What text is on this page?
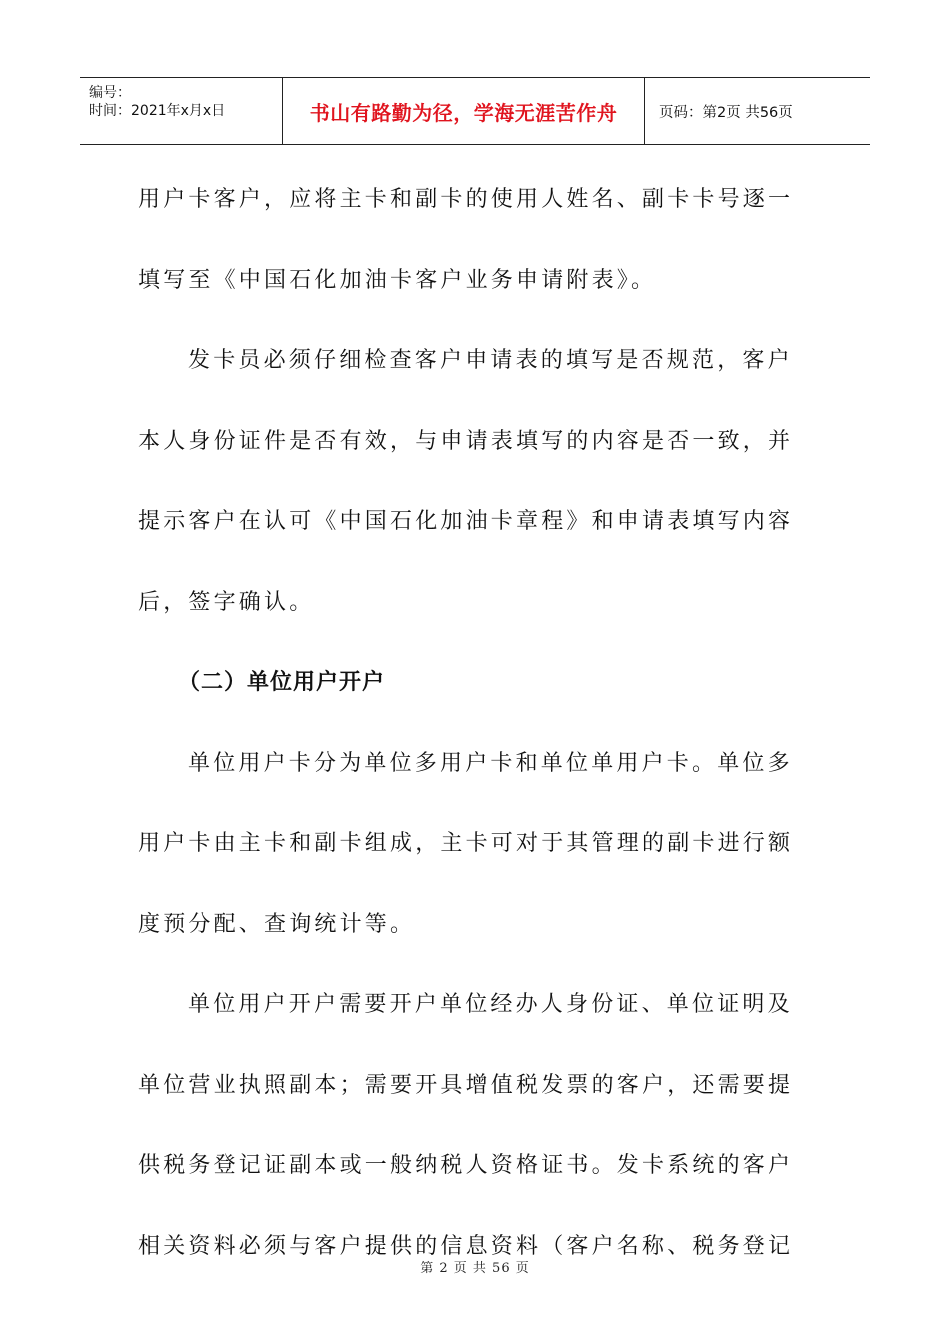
编号：
时间：2021年x月x日	书山有路勤为径，学海无涯苦作舟	页码：第2页 共56页

用户卡客户，应将主卡和副卡的使用人姓名、副卡卡号逐一

填写至《中国石化加油卡客户业务申请附表》。

发卡员必须仔细检查客户申请表的填写是否规范，客户

本人身份证件是否有效，与申请表填写的内容是否一致，并

提示客户在认可《中国石化加油卡章程》和申请表填写内容

后，签字确认。

（二）单位用户开户

单位用户卡分为单位多用户卡和单位单用户卡。单位多

用户卡由主卡和副卡组成，主卡可对于其管理的副卡进行额

度预分配、查询统计等。

单位用户开户需要开户单位经办人身份证、单位证明及

单位营业执照副本；需要开具增值税发票的客户，还需要提

供税务登记证副本或一般纳税人资格证书。发卡系统的客户

相关资料必须与客户提供的信息资料（客户名称、税务登记

第 2 页 共 56 页
